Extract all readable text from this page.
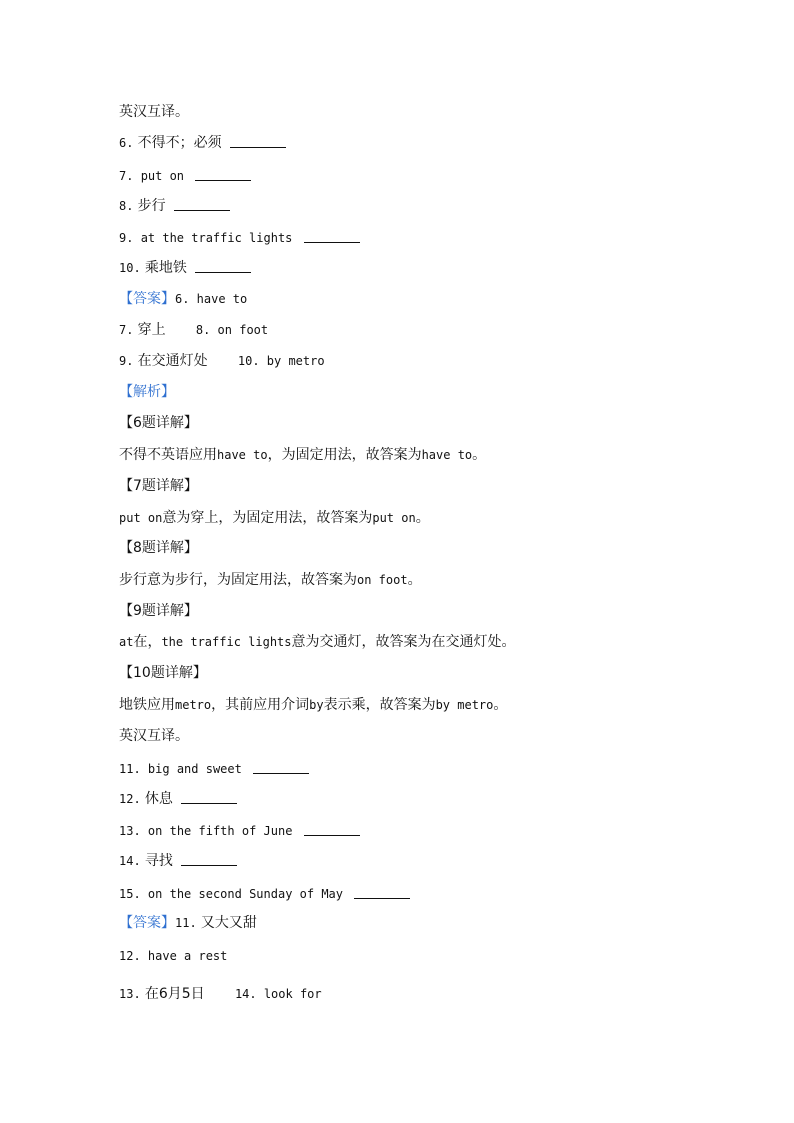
英汉互译。
6. 不得不；必须
7. put on
8. 步行
9. at the traffic lights
10. 乘地铁
【答案】6. have to
7. 穿上	8. on foot
9. 在交通灯处	10. by metro
【解析】
【6题详解】
不得不英语应用have to，为固定用法，故答案为have to。
【7题详解】
put on意为穿上，为固定用法，故答案为put on。
【8题详解】
步行意为步行，为固定用法，故答案为on foot。
【9题详解】
at在，the traffic lights意为交通灯，故答案为在交通灯处。
【10题详解】
地铁应用metro，其前应用介词by表示乘，故答案为by metro。
英汉互译。
11. big and sweet
12. 休息
13. on the fifth of June
14. 寻找
15. on the second Sunday of May
【答案】11. 又大又甜
12. have a rest
13. 在6月5日	14. look for
